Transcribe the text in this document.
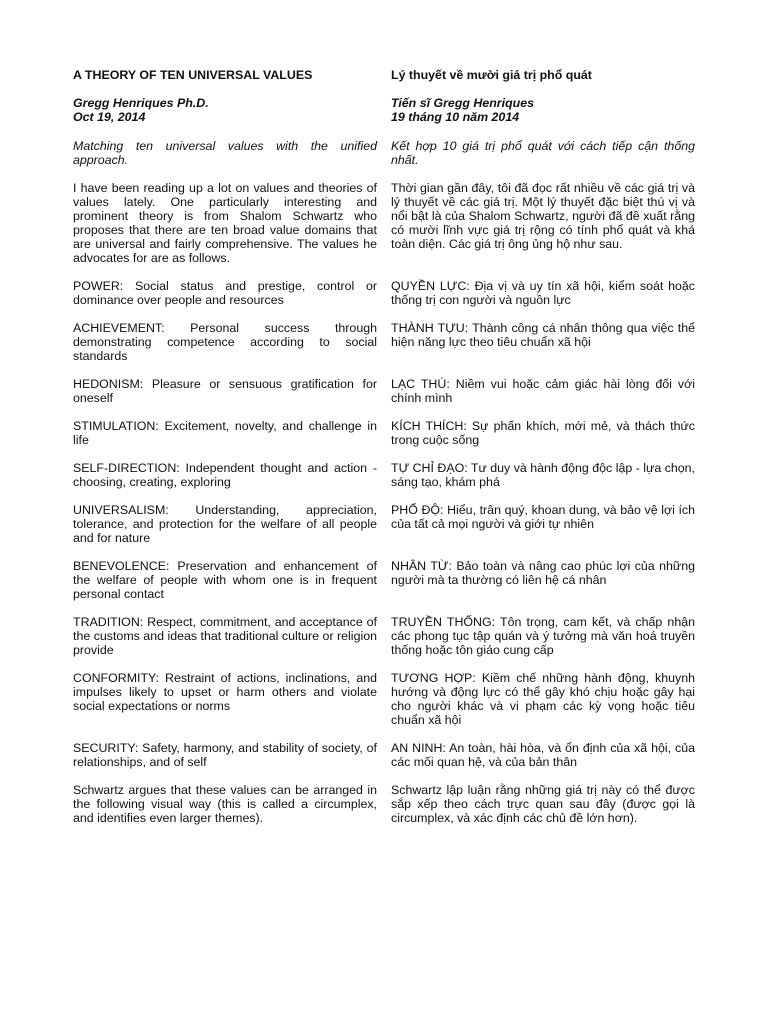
A THEORY OF TEN UNIVERSAL VALUES

Gregg Henriques Ph.D.

Oct 19, 2014

Matching ten universal values with the unified approach.

I have been reading up a lot on values and theories of values lately. One particularly interesting and prominent theory is from Shalom Schwartz who proposes that there are ten broad value domains that are universal and fairly comprehensive. The values he advocates for are as follows.

POWER: Social status and prestige, control or dominance over people and resources

ACHIEVEMENT: Personal success through demonstrating competence according to social standards

HEDONISM: Pleasure or sensuous gratification for oneself

STIMULATION: Excitement, novelty, and challenge in life

SELF-DIRECTION: Independent thought and action - choosing, creating, exploring

UNIVERSALISM: Understanding, appreciation, tolerance, and protection for the welfare of all people and for nature

BENEVOLENCE: Preservation and enhancement of the welfare of people with whom one is in frequent personal contact

TRADITION: Respect, commitment, and acceptance of the customs and ideas that traditional culture or religion provide

CONFORMITY: Restraint of actions, inclinations, and impulses likely to upset or harm others and violate social expectations or norms

SECURITY: Safety, harmony, and stability of society, of relationships, and of self

Schwartz argues that these values can be arranged in the following visual way (this is called a circumplex, and identifies even larger themes).

Lý thuyết về mười giá trị phổ quát

Tiến sĩ Gregg Henriques

19 tháng 10 năm 2014

Kết hợp 10 giá trị phổ quát với cách tiếp cận thống nhất.

Thời gian gần đây, tôi đã đọc rất nhiều về các giá trị và lý thuyết về các giá trị. Một lý thuyết đặc biệt thú vị và nổi bật là của Shalom Schwartz, người đã đề xuất rằng có mười lĩnh vực giá trị rộng có tính phổ quát và khá toàn diện. Các giá trị ông ủng hộ như sau.

QUYỀN LỰC: Địa vị và uy tín xã hội, kiểm soát hoặc thống trị con người và nguồn lực

THÀNH TỰU: Thành công cá nhân thông qua việc thể hiện năng lực theo tiêu chuẩn xã hội

LẠC THÚ: Niềm vui hoặc cảm giác hài lòng đối với chính mình

KÍCH THÍCH: Sự phấn khích, mới mẻ, và thách thức trong cuộc sống

TỰ CHỈ ĐẠO: Tư duy và hành động độc lập - lựa chọn, sáng tạo, khám phá

PHỔ ĐỘ: Hiểu, trân quý, khoan dung, và bảo vệ lợi ích của tất cả mọi người và giới tự nhiên

NHÂN TỪ: Bảo toàn và nâng cao phúc lợi của những người mà ta thường có liên hệ cá nhân

TRUYỀN THỐNG: Tôn trọng, cam kết, và chấp nhận các phong tục tập quán và ý tưởng mà văn hoá truyền thống hoặc tôn giáo cung cấp

TƯƠNG HỢP: Kiềm chế những hành động, khuynh hướng và động lực có thể gây khó chịu hoặc gây hại cho người khác và vi phạm các kỳ vọng hoặc tiêu chuẩn xã hội

AN NINH: An toàn, hài hòa, và ổn định của xã hội, của các mối quan hệ, và của bản thân

Schwartz lập luận rằng những giá trị này có thể được sắp xếp theo cách trực quan sau đây (được gọi là circumplex, và xác định các chủ đề lớn hơn).
